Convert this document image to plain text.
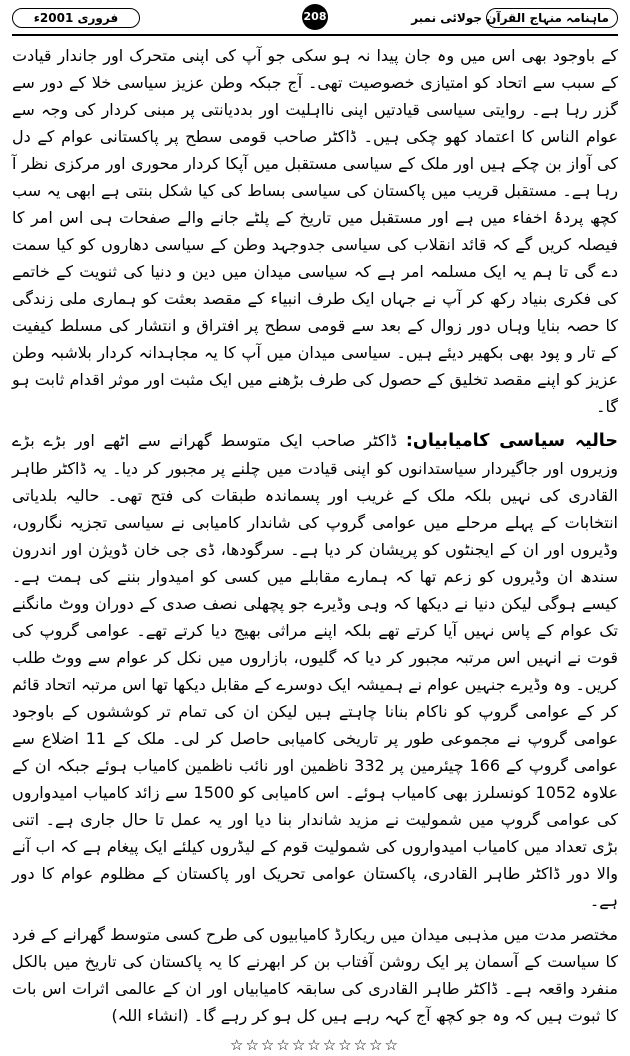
ماہنامہ منہاج القرآن جولائی نمبر
208
فروری 2001ء

کے باوجود بھی اس میں وہ جان پیدا نہ ہو سکی جو آپ کی اپنی متحرک اور جاندار قیادت کے سبب سے اتحاد کو امتیازی خصوصیت تھی۔ آج جبکہ وطن عزیز سیاسی خلا کے دور سے گزر رہا ہے۔ روایتی سیاسی قیادتیں اپنی نااہلیت اور بددیانتی پر مبنی کردار کی وجہ سے عوام الناس کا اعتماد کھو چکی ہیں۔ ڈاکٹر صاحب قومی سطح پر پاکستانی عوام کے دل کی آواز بن چکے ہیں اور ملک کے سیاسی مستقبل میں آپکا کردار محوری اور مرکزی نظر آ رہا ہے۔ مستقبل قریب میں پاکستان کی سیاسی بساط کی کیا شکل بنتی ہے ابھی یہ سب کچھ پردۂ اخفاء میں ہے اور مستقبل میں تاریخ کے پلٹے جانے والے صفحات ہی اس امر کا فیصلہ کریں گے کہ قائد انقلاب کی سیاسی جدوجہد وطن کے سیاسی دھاروں کو کیا سمت دے گی تا ہم یہ ایک مسلمہ امر ہے کہ سیاسی میدان میں دین و دنیا کی ثنویت کے خاتمے کی فکری بنیاد رکھ کر آپ نے جہاں ایک طرف انبیاء کے مقصد بعثت کو ہماری ملی زندگی کا حصہ بنایا وہاں دور زوال کے بعد سے قومی سطح پر افتراق و انتشار کی مسلط کیفیت کے تار و پود بھی بکھیر دیئے ہیں۔ سیاسی میدان میں آپ کا یہ مجاہدانہ کردار بلاشبہ وطن عزیز کو اپنے مقصد تخلیق کے حصول کی طرف بڑھنے میں ایک مثبت اور موثر اقدام ثابت ہو گا۔

حالیہ سیاسی کامیابیاں: ڈاکٹر صاحب ایک متوسط گھرانے سے اٹھے اور بڑے بڑے وزیروں اور جاگیردار سیاستدانوں کو اپنی قیادت میں چلنے پر مجبور کر دیا۔ یہ ڈاکٹر طاہر القادری کی نہیں بلکہ ملک کے غریب اور پسماندہ طبقات کی فتح تھی۔ حالیہ بلدیاتی انتخابات کے پہلے مرحلے میں عوامی گروپ کی شاندار کامیابی نے سیاسی تجزیہ نگاروں، وڈیروں اور ان کے ایجنٹوں کو پریشان کر دیا ہے۔ سرگودھا، ڈی جی خان ڈویژن اور اندرون سندھ ان وڈیروں کو زعم تھا کہ ہمارے مقابلے میں کسی کو امیدوار بننے کی ہمت ہے۔ کیسے ہوگی لیکن دنیا نے دیکھا کہ وہی وڈیرے جو پچھلی نصف صدی کے دوران ووٹ مانگنے تک عوام کے پاس نہیں آیا کرتے تھے بلکہ اپنے مراثی بھیج دیا کرتے تھے۔ عوامی گروپ کی قوت نے انہیں اس مرتبہ مجبور کر دیا کہ گلیوں، بازاروں میں نکل کر عوام سے ووٹ طلب کریں۔ وہ وڈیرے جنہیں عوام نے ہمیشہ ایک دوسرے کے مقابل دیکھا تھا اس مرتبہ اتحاد قائم کر کے عوامی گروپ کو ناکام بنانا چاہتے ہیں لیکن ان کی تمام تر کوششوں کے باوجود عوامی گروپ نے مجموعی طور پر تاریخی کامیابی حاصل کر لی۔ ملک کے 11 اضلاع سے عوامی گروپ کے 166 چیئرمین پر 332 ناظمین اور نائب ناظمین کامیاب ہوئے جبکہ ان کے علاوہ 1052 کونسلرز بھی کامیاب ہوئے۔ اس کامیابی کو 1500 سے زائد کامیاب امیدواروں کی عوامی گروپ میں شمولیت نے مزید شاندار بنا دیا اور یہ عمل تا حال جاری ہے۔ اتنی بڑی تعداد میں کامیاب امیدواروں کی شمولیت قوم کے لیڈروں کیلئے ایک پیغام ہے کہ اب آنے والا دور ڈاکٹر طاہر القادری، پاکستان عوامی تحریک اور پاکستان کے مظلوم عوام کا دور ہے۔

مختصر مدت میں مذہبی میدان میں ریکارڈ کامیابیوں کی طرح کسی متوسط گھرانے کے فرد کا سیاست کے آسمان پر ایک روشن آفتاب بن کر ابھرنے کا یہ پاکستان کی تاریخ میں بالکل منفرد واقعہ ہے۔ ڈاکٹر طاہر القادری کی سابقہ کامیابیاں اور ان کے عالمی اثرات اس بات کا ثبوت ہیں کہ وہ جو کچھ آج کہہ رہے ہیں کل ہو کر رہے گا۔ (انشاء اللہ)

☆☆☆☆☆☆☆☆☆☆☆
